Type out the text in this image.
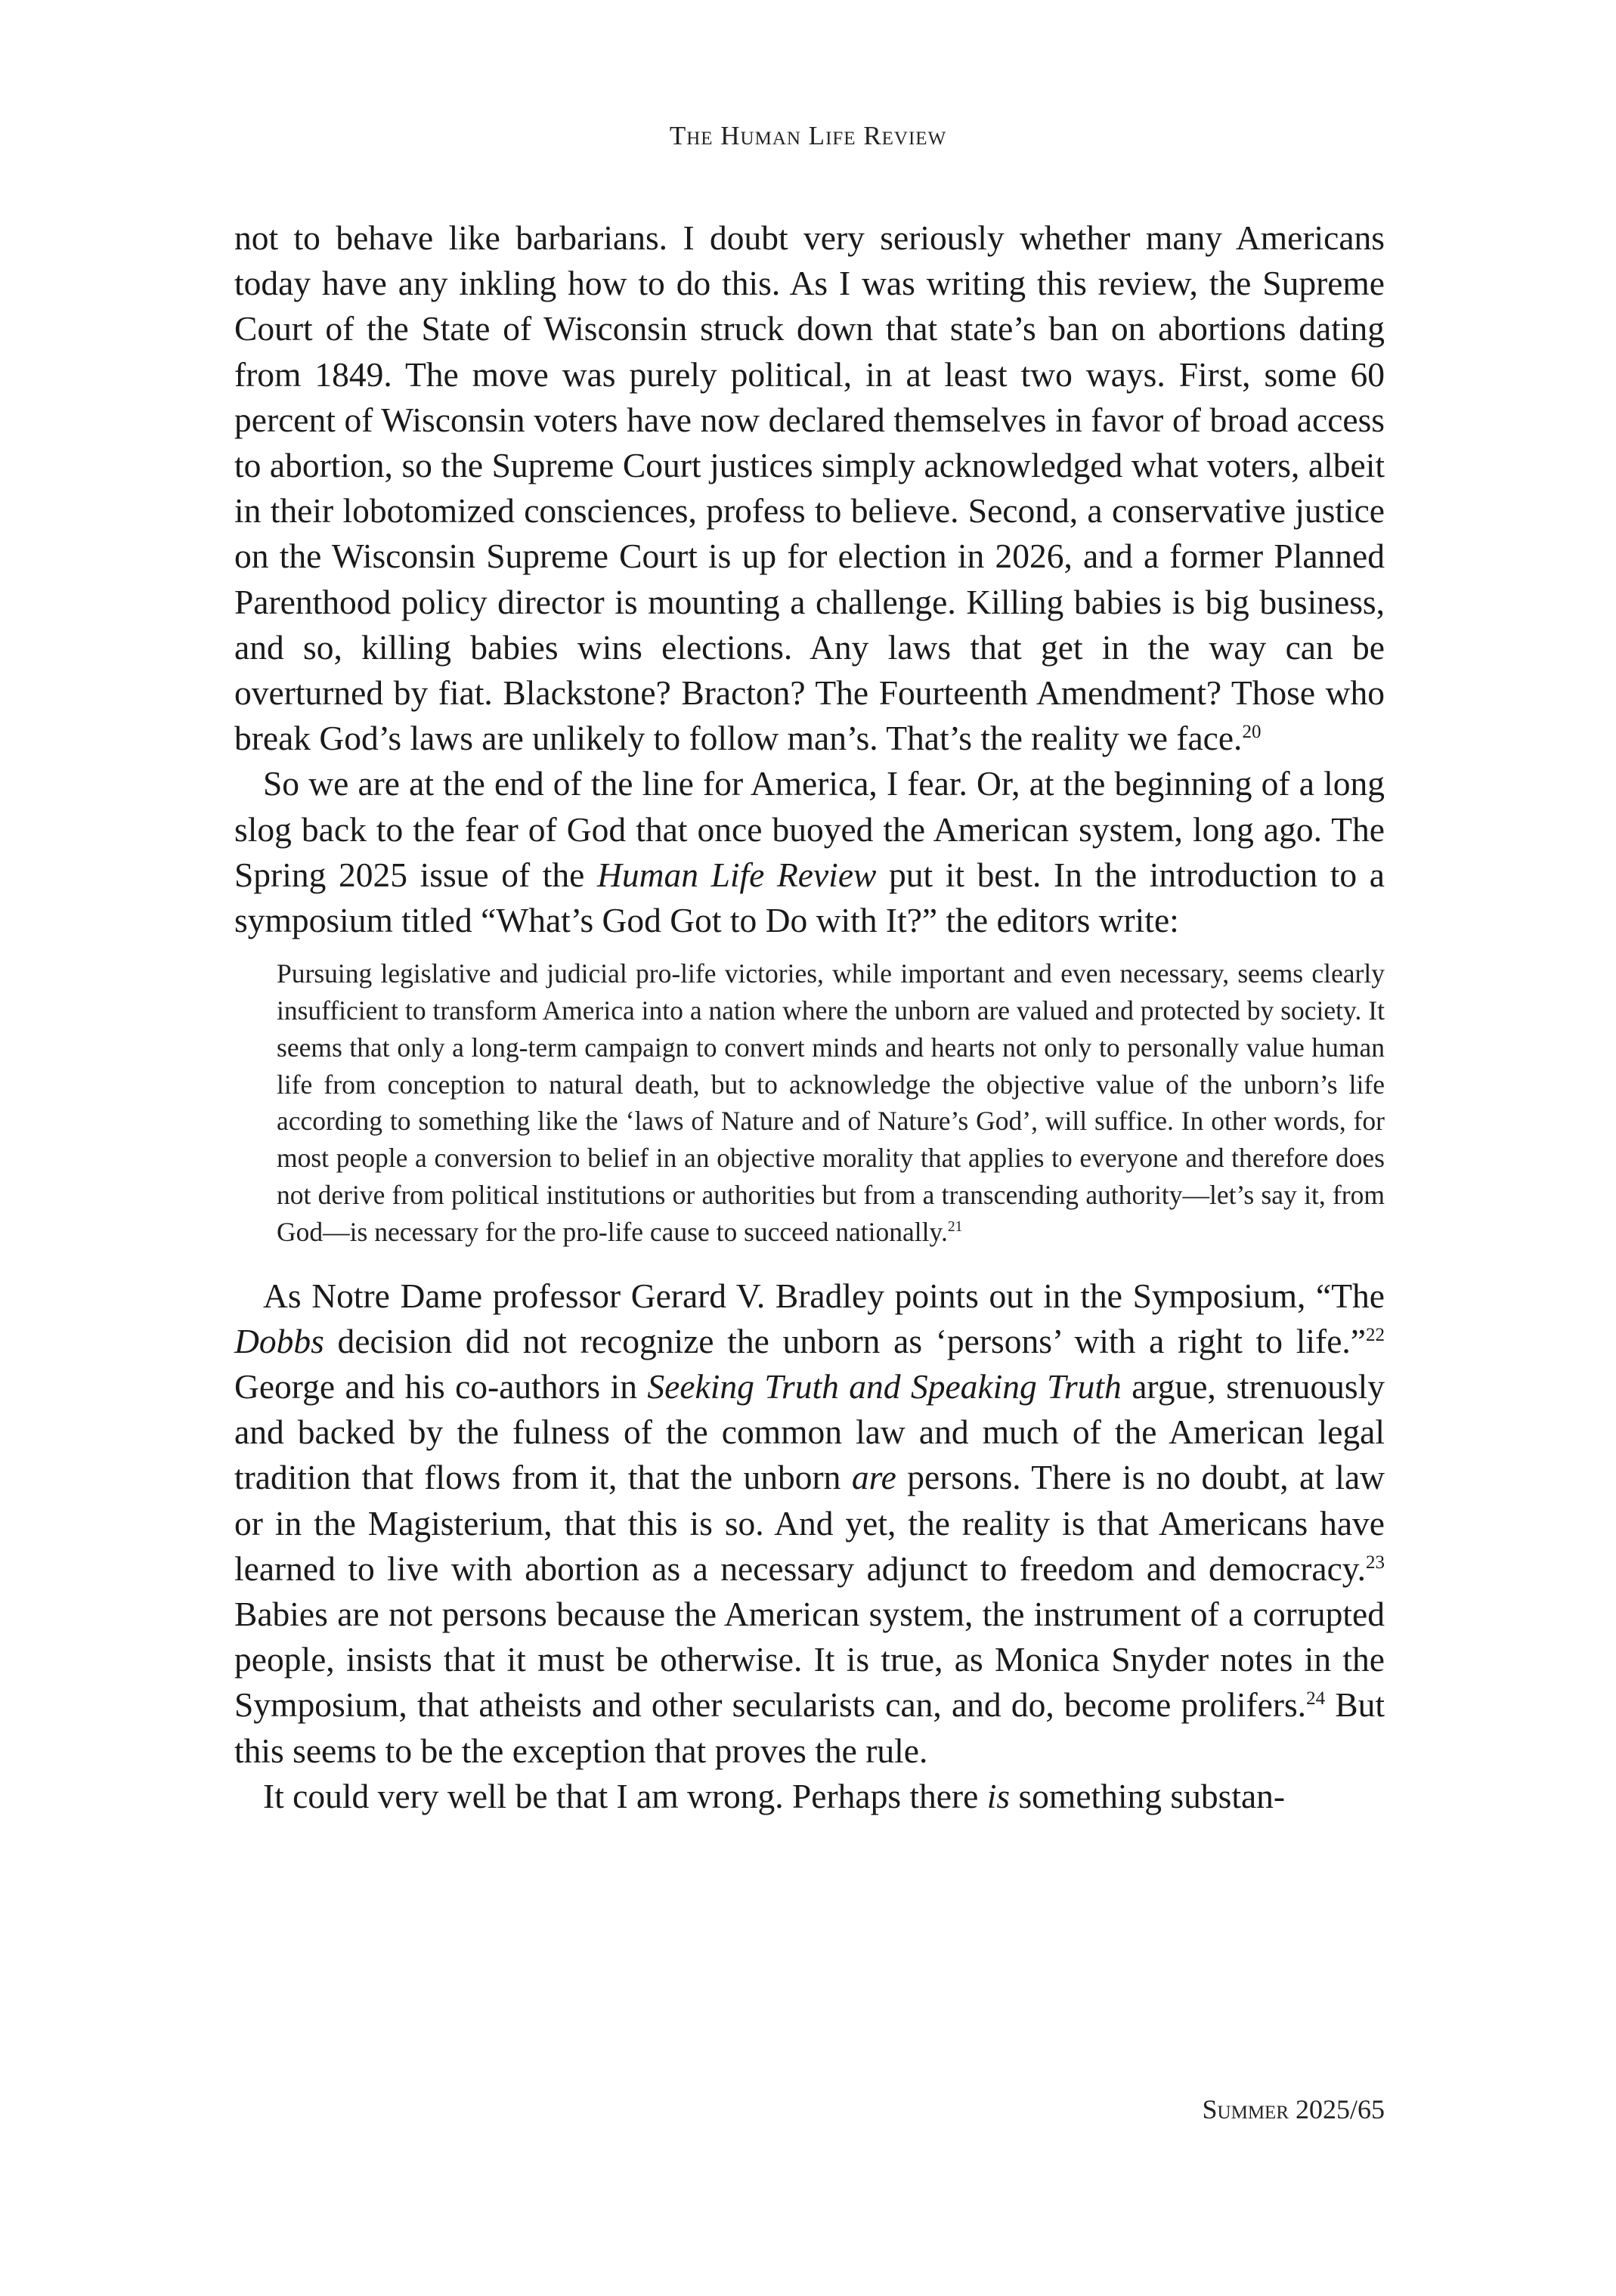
The Human Life Review

not to behave like barbarians. I doubt very seriously whether many Americans today have any inkling how to do this. As I was writing this review, the Supreme Court of the State of Wisconsin struck down that state’s ban on abortions dating from 1849. The move was purely political, in at least two ways. First, some 60 percent of Wisconsin voters have now declared themselves in favor of broad access to abortion, so the Supreme Court justices simply acknowledged what voters, albeit in their lobotomized consciences, profess to believe. Second, a conservative justice on the Wisconsin Supreme Court is up for election in 2026, and a former Planned Parenthood policy director is mounting a challenge. Killing babies is big business, and so, killing babies wins elections. Any laws that get in the way can be overturned by fiat. Blackstone? Bracton? The Fourteenth Amendment? Those who break God’s laws are unlikely to follow man’s. That’s the reality we face.$^{20}$

So we are at the end of the line for America, I fear. Or, at the beginning of a long slog back to the fear of God that once buoyed the American system, long ago. The Spring 2025 issue of the Human Life Review put it best. In the introduction to a symposium titled “What’s God Got to Do with It?” the editors write:

Pursuing legislative and judicial pro-life victories, while important and even necessary, seems clearly insufficient to transform America into a nation where the unborn are valued and protected by society. It seems that only a long-term campaign to convert minds and hearts not only to personally value human life from conception to natural death, but to acknowledge the objective value of the unborn’s life according to something like the ‘laws of Nature and of Nature’s God’, will suffice. In other words, for most people a conversion to belief in an objective morality that applies to everyone and therefore does not derive from political institutions or authorities but from a transcending authority—let’s say it, from God—is necessary for the pro-life cause to succeed nationally.$^{21}$

As Notre Dame professor Gerard V. Bradley points out in the Symposium, “The Dobbs decision did not recognize the unborn as ‘persons’ with a right to life.”$^{22}$ George and his co-authors in Seeking Truth and Speaking Truth argue, strenuously and backed by the fulness of the common law and much of the American legal tradition that flows from it, that the unborn are persons. There is no doubt, at law or in the Magisterium, that this is so. And yet, the reality is that Americans have learned to live with abortion as a necessary adjunct to freedom and democracy.$^{23}$ Babies are not persons because the American system, the instrument of a corrupted people, insists that it must be otherwise. It is true, as Monica Snyder notes in the Symposium, that atheists and other secularists can, and do, become prolifers.$^{24}$ But this seems to be the exception that proves the rule.

It could very well be that I am wrong. Perhaps there is something substan-

Summer 2025/65
